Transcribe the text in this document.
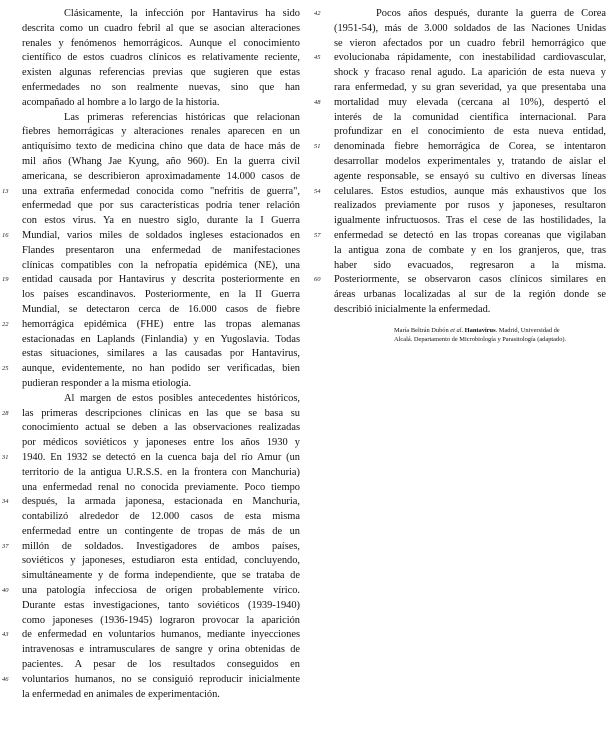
Clásicamente, la infección por Hantavirus ha sido
descrita como un cuadro febril al que se asocian alteraciones
renales y fenómenos hemorrágicos. Aunque el conocimiento
científico de estos cuadros clínicos es relativamente reciente,
existen algunas referencias previas que sugieren que estas
enfermedades no son realmente nuevas, sino que han
acompañado al hombre a lo largo de la historia.
Las primeras referencias históricas que relacionan
fiebres hemorrágicas y alteraciones renales aparecen en un
antiquísimo texto de medicina chino que data de hace más de
mil años (Whang Jae Kyung, año 960). En la guerra civil
americana, se describieron aproximadamente 14.000 casos de
13 una extraña enfermedad conocida como "nefritis de guerra",
enfermedad que por sus características podría tener relación
con estos virus. Ya en nuestro siglo, durante la I Guerra
16 Mundial, varios miles de soldados ingleses estacionados en
Flandes presentaron una enfermedad de manifestaciones
clínicas compatibles con la nefropatía epidémica (NE), una
19 entidad causada por Hantavirus y descrita posteriormente en
los países escandinavos. Posteriormente, en la II Guerra
Mundial, se detectaron cerca de 16.000 casos de fiebre
22 hemorrágica epidémica (FHE) entre las tropas alemanas
estacionadas en Laplands (Finlandia) y en Yugoslavia. Todas
estas situaciones, similares a las causadas por Hantavirus,
25 aunque, evidentemente, no han podido ser verificadas, bien
pudieran responder a la misma etiología.
Al margen de estos posibles antecedentes históricos,
28 las primeras descripciones clínicas en las que se basa su
conocimiento actual se deben a las observaciones realizadas
por médicos soviéticos y japoneses entre los años 1930 y
31 1940. En 1932 se detectó en la cuenca baja del río Amur (un
territorio de la antigua U.R.S.S. en la frontera con Manchuria)
una enfermedad renal no conocida previamente. Poco tiempo
34 después, la armada japonesa, estacionada en Manchuria,
contabilizó alrededor de 12.000 casos de esta misma
enfermedad entre un contingente de tropas de más de un
37 millón de soldados. Investigadores de ambos países,
soviéticos y japoneses, estudiaron esta entidad, concluyendo,
simultáneamente y de forma independiente, que se trataba de
40 una patología infecciosa de origen probablemente vírico.
Durante estas investigaciones, tanto soviéticos (1939-1940)
como japoneses (1936-1945) lograron provocar la aparición
43 de enfermedad en voluntarios humanos, mediante inyecciones
intravenosas e intramusculares de sangre y orina obtenidas de
pacientes. A pesar de los resultados conseguidos en
46 voluntarios humanos, no se consiguió reproducir inicialmente
la enfermedad en animales de experimentación.
42	Pocos años después, durante la guerra de Corea
(1951-54), más de 3.000 soldados de las Naciones Unidas
se vieron afectados por un cuadro febril hemorrágico que
45 evolucionaba rápidamente, con inestabilidad cardiovascular,
shock y fracaso renal agudo. La aparición de esta nueva y
rara enfermedad, y su gran severidad, ya que presentaba una
48 mortalidad muy elevada (cercana al 10%), despertó el
interés de la comunidad científica internacional. Para
profundizar en el conocimiento de esta nueva entidad,
51 denominada fiebre hemorrágica de Corea, se intentaron
desarrollar modelos experimentales y, tratando de aislar el
agente responsable, se ensayó su cultivo en diversas líneas
54 celulares. Estos estudios, aunque más exhaustivos que los
realizados previamente por rusos y japoneses, resultaron
igualmente infructuosos. Tras el cese de las hostilidades, la
57 enfermedad se detectó en las tropas coreanas que vigilaban
la antigua zona de combate y en los granjeros, que, tras
haber sido evacuados, regresaron a la misma.
60 Posteriormente, se observaron casos clínicos similares en
áreas urbanas localizadas al sur de la región donde se
describió inicialmente la enfermedad.
María Beltrán Dubón et al. Hantavirus. Madrid, Universidad de
Alcalá. Departamento de Microbiología y Parasitología (adaptado).
